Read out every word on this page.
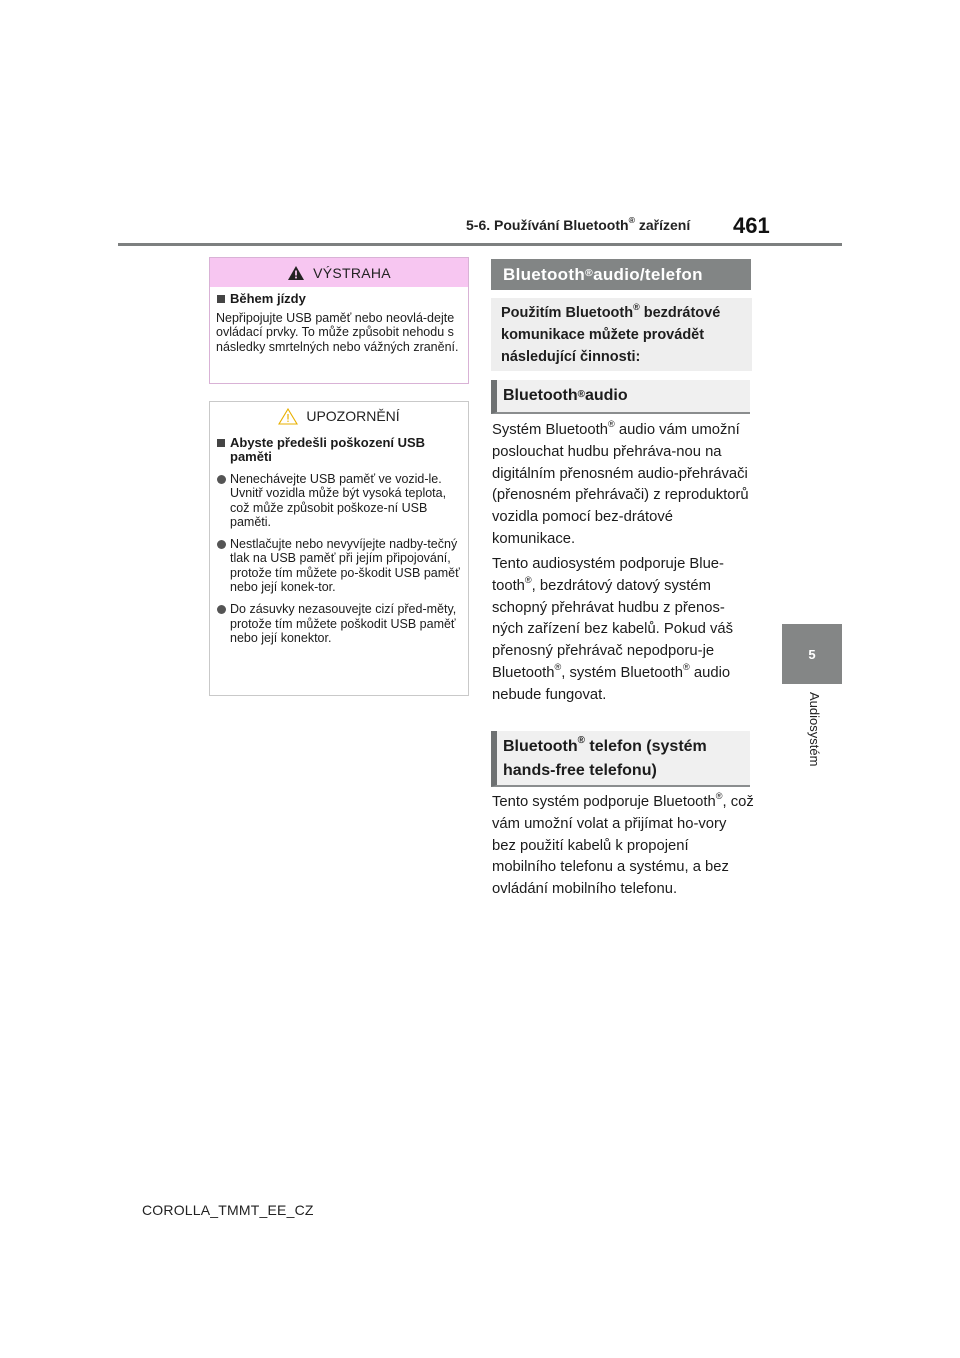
5-6. Používání Bluetooth® zařízení 461
5
Audiosystém
VÝSTRAHA
Během jízdy
Nepřipojujte USB paměť nebo neovlá-dejte ovládací prvky. To může způsobit nehodu s následky smrtelných nebo vážných zranění.
UPOZORNĚNÍ
Abyste předešli poškození USB paměti
Nenechávejte USB paměť ve vozid-le. Uvnitř vozidla může být vysoká teplota, což může způsobit poškoze-ní USB paměti.
Nestlačujte nebo nevyvíjejte nadby-tečný tlak na USB paměť při jejím připojování, protože tím můžete po-škodit USB paměť nebo její konek-tor.
Do zásuvky nezasouvejte cizí před-měty, protože tím můžete poškodit USB paměť nebo její konektor.
Bluetooth® audio/telefon
Použitím Bluetooth® bezdrátové komunikace můžete provádět následující činnosti:
Bluetooth® audio

Systém Bluetooth® audio vám umožní poslouchat hudbu přehráva-nou na digitálním přenosném audio-přehrávači (přenosném přehrávači) z reproduktorů vozidla pomocí bez-drátové komunikace.

Tento audiosystém podporuje Blue-tooth®, bezdrátový datový systém schopný přehrávat hudbu z přenos-ných zařízení bez kabelů. Pokud váš přenosný přehrávač nepodporu-je Bluetooth®, systém Bluetooth® audio nebude fungovat.

Bluetooth® telefon (systém hands-free telefonu)

Tento systém podporuje Bluetooth®, což vám umožní volat a přijímat ho-vory bez použití kabelů k propojení mobilního telefonu a systému, a bez ovládání mobilního telefonu.

COROLLA_TMMT_EE_CZ
